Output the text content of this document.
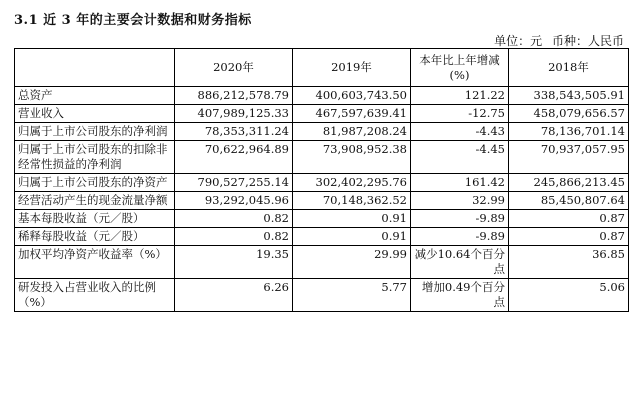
3.1 近 3 年的主要会计数据和财务指标
单位：元 币种：人民币
	2020年	2019年	本年比上年增减(%)	2018年
总资产	886,212,578.79	400,603,743.50	121.22	338,543,505.91
营业收入	407,989,125.33	467,597,639.41	-12.75	458,079,656.57
归属于上市公司股东的净利润	78,353,311.24	81,987,208.24	-4.43	78,136,701.14
归属于上市公司股东的扣除非经常性损益的净利润	70,622,964.89	73,908,952.38	-4.45	70,937,057.95
归属于上市公司股东的净资产	790,527,255.14	302,402,295.76	161.42	245,866,213.45
经营活动产生的现金流量净额	93,292,045.96	70,148,362.52	32.99	85,450,807.64
基本每股收益（元／股）	0.82	0.91	-9.89	0.87
稀释每股收益（元／股）	0.82	0.91	-9.89	0.87
加权平均净资产收益率（%）	19.35	29.99	减少10.64个百分点	36.85
研发投入占营业收入的比例（%）	6.26	5.77	增加0.49个百分点	5.06
